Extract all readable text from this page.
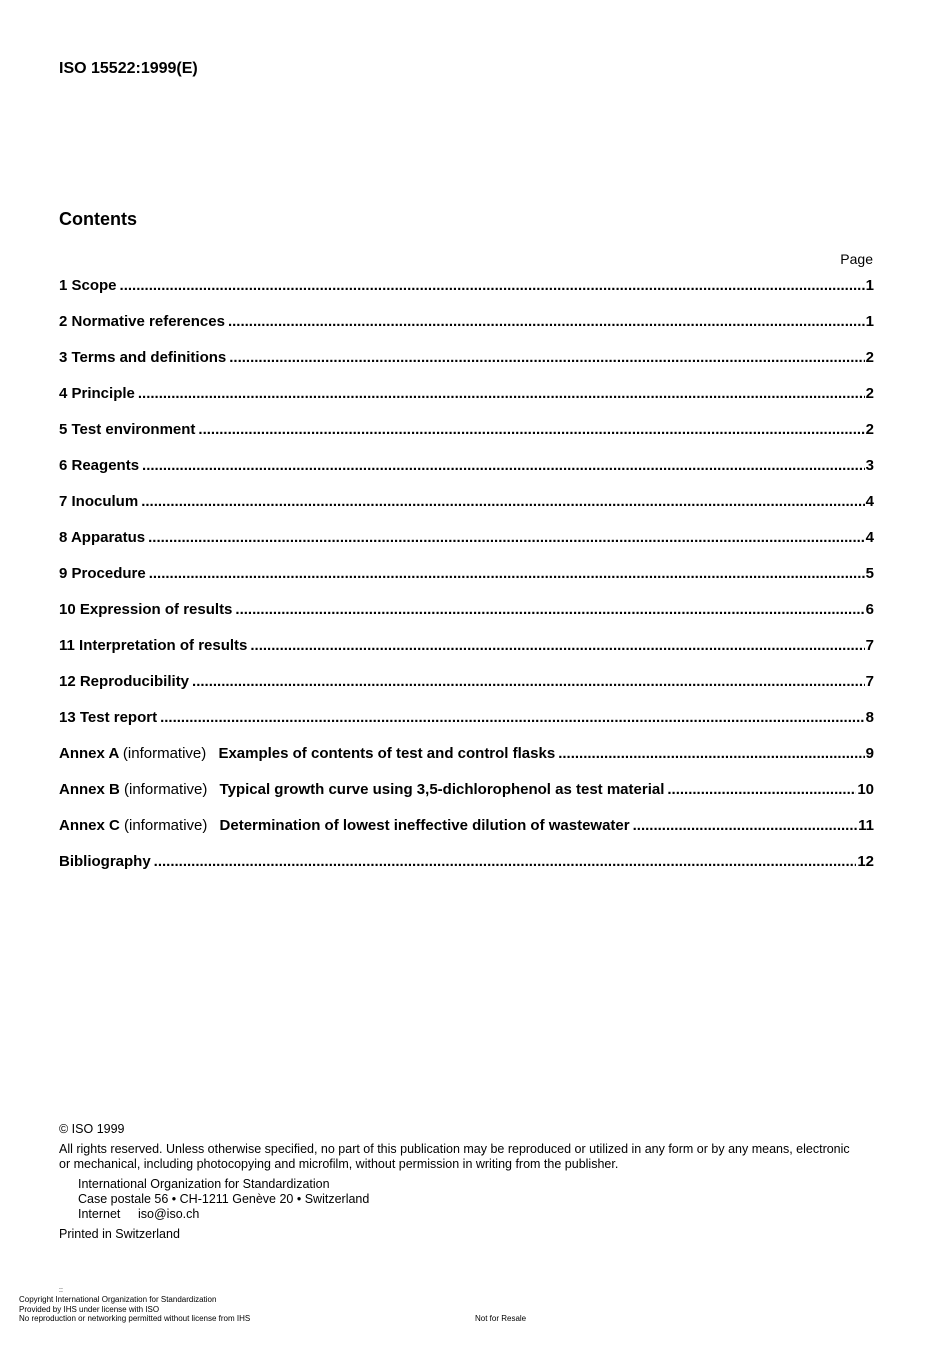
ISO 15522:1999(E)
Contents
Page
1 Scope .....	1
2 Normative references .....	1
3 Terms and definitions .....	2
4 Principle .....	2
5 Test environment .....	2
6 Reagents .....	3
7 Inoculum .....	4
8 Apparatus .....	4
9 Procedure .....	5
10 Expression of results .....	6
11 Interpretation of results .....	7
12 Reproducibility .....	7
13 Test report .....	8
Annex A (informative) Examples of contents of test and control flasks .....	9
Annex B (informative) Typical growth curve using 3,5-dichlorophenol as test material .....	10
Annex C (informative) Determination of lowest ineffective dilution of wastewater .....	11
Bibliography .....	12
© ISO 1999
All rights reserved. Unless otherwise specified, no part of this publication may be reproduced or utilized in any form or by any means, electronic
or mechanical, including photocopying and microfilm, without permission in writing from the publisher.
International Organization for Standardization
Case postale 56 • CH-1211 Genève 20 • Switzerland
Internet iso@iso.ch
Printed in Switzerland
::
Copyright International Organization for Standardization
Provided by IHS under license with ISO
No reproduction or networking permitted without license from IHS	Not for Resale
